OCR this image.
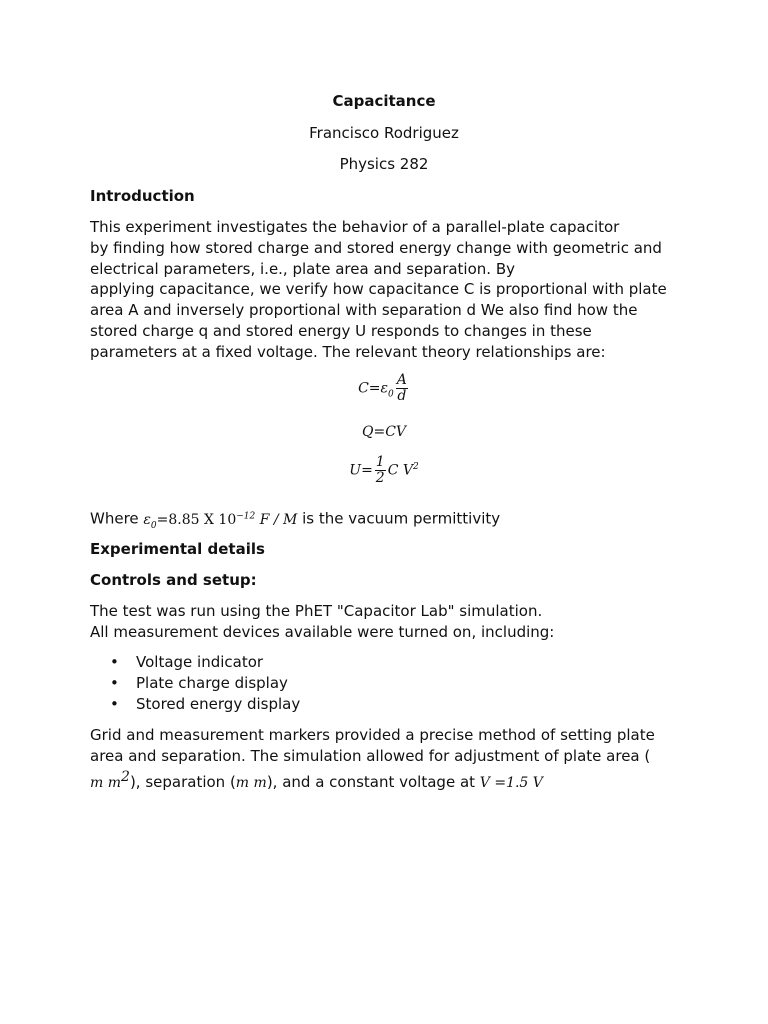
Capacitance
Francisco Rodriguez
Physics 282
Introduction
This experiment investigates the behavior of a parallel-plate capacitor
by finding how stored charge and stored energy change with geometric and
electrical parameters, i.e., plate area and separation. By
applying capacitance, we verify how capacitance C is proportional with plate
area A and inversely proportional with separation d We also find how the
stored charge q and stored energy U responds to changes in these
parameters at a fixed voltage. The relevant theory relationships are:
$C=\varepsilon_0 \frac{A}{d}$
Q=CV
$U= \frac{1}{2}$ C $V^2$
Where $\varepsilon_0=8.85$ X $10^{-12}$ F / M is the vacuum permittivity
Experimental details
Controls and setup:
The test was run using the PhET "Capacitor Lab" simulation.
All measurement devices available were turned on, including:
• Voltage indicator
• Plate charge display
• Stored energy display
Grid and measurement markers provided a precise method of setting plate
area and separation. The simulation allowed for adjustment of plate area (
m $m^2$), separation (m m), and a constant voltage at V =1.5 V
